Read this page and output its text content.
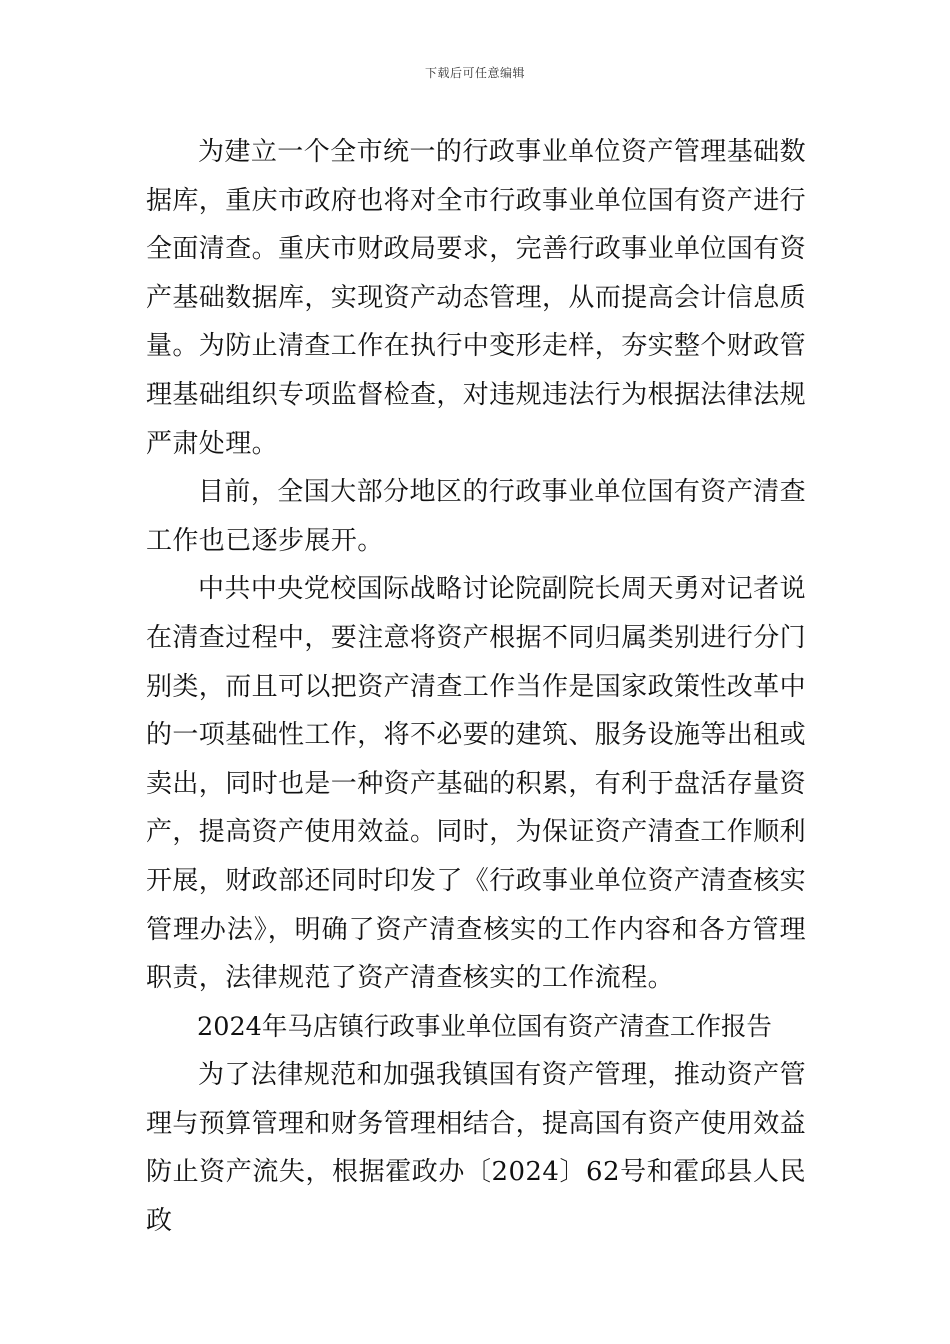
下载后可任意编辑

为建立一个全市统一的行政事业单位资产管理基础数据库，重庆市政府也将对全市行政事业单位国有资产进行全面清查。重庆市财政局要求，完善行政事业单位国有资产基础数据库，实现资产动态管理，从而提高会计信息质量。为防止清查工作在执行中变形走样，夯实整个财政管理基础组织专项监督检查，对违规违法行为根据法律法规严肃处理。

目前，全国大部分地区的行政事业单位国有资产清查工作也已逐步展开。

中共中央党校国际战略讨论院副院长周天勇对记者说在清查过程中，要注意将资产根据不同归属类别进行分门别类，而且可以把资产清查工作当作是国家政策性改革中的一项基础性工作，将不必要的建筑、服务设施等出租或卖出，同时也是一种资产基础的积累，有利于盘活存量资产，提高资产使用效益。同时，为保证资产清查工作顺利开展，财政部还同时印发了《行政事业单位资产清查核实管理办法》，明确了资产清查核实的工作内容和各方管理职责，法律规范了资产清查核实的工作流程。

2024年马店镇行政事业单位国有资产清查工作报告

为了法律规范和加强我镇国有资产管理，推动资产管理与预算管理和财务管理相结合，提高国有资产使用效益防止资产流失，根据霍政办〔2024〕62号和霍邱县人民政
